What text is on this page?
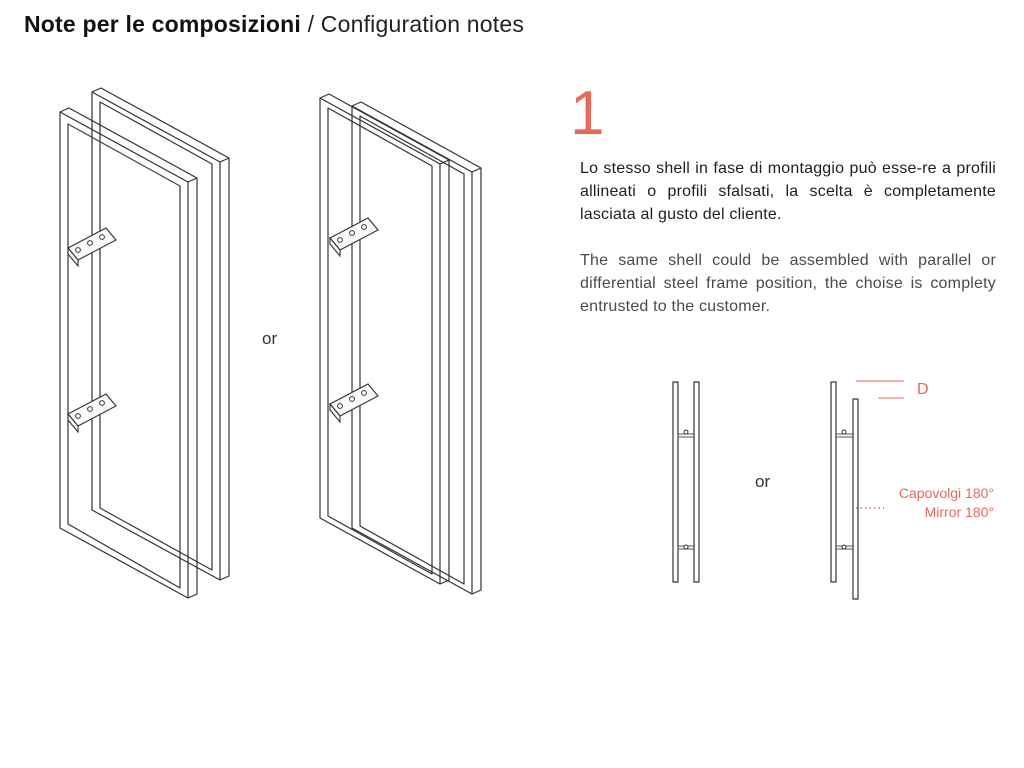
Note per le composizioni / Configuration notes
1
Lo stesso shell in fase di montaggio può esse-re a profili allineati o profili sfalsati, la scelta è completamente lasciata al gusto del cliente.
The same shell could be assembled with parallel or differential steel frame position, the choise is complety entrusted to the customer.
or
or
D
Capovolgi 180°
Mirror 180°
